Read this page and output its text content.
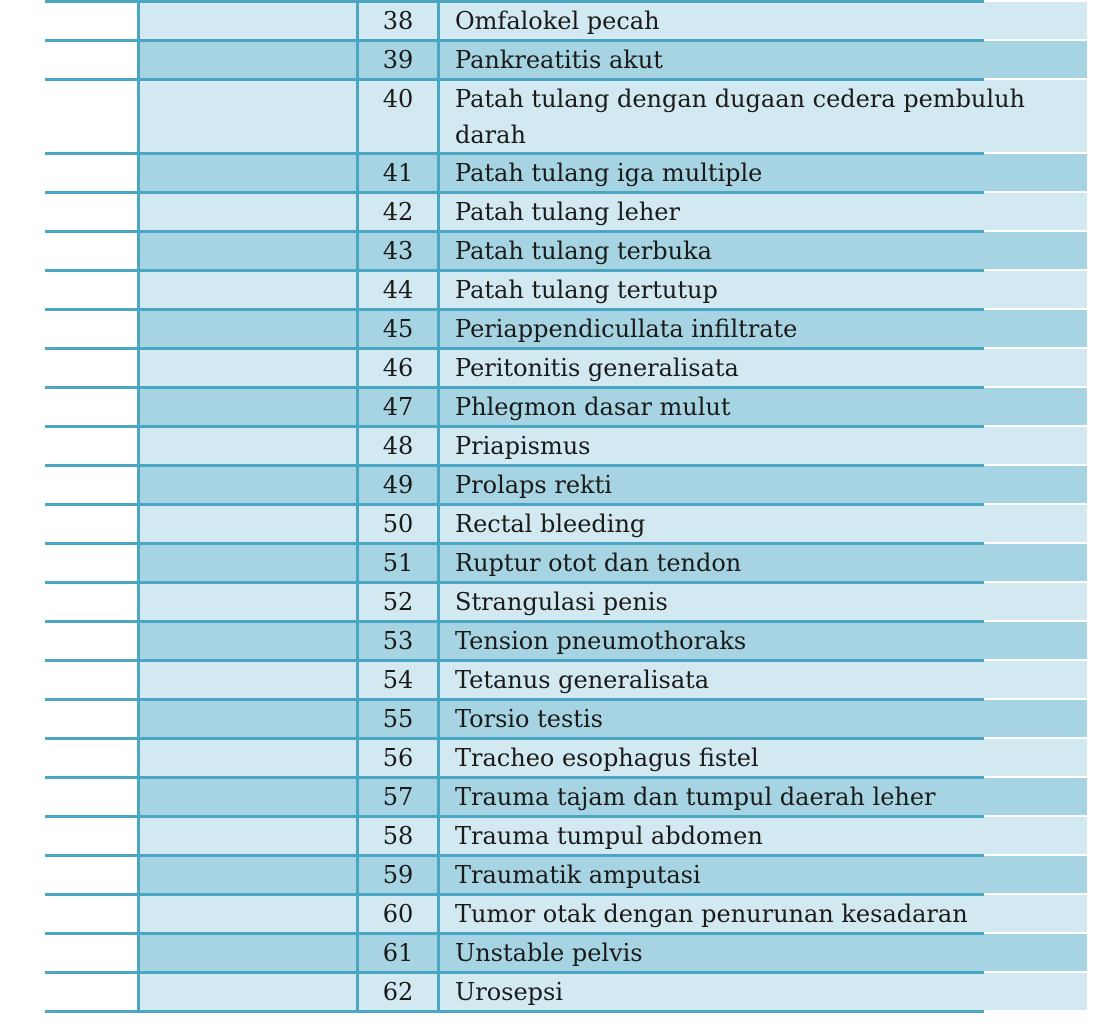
38	Omfalokel pecah
39	Pankreatitis akut
40	Patah tulang dengan dugaan cedera pembuluh darah
41	Patah tulang iga multiple
42	Patah tulang leher
43	Patah tulang terbuka
44	Patah tulang tertutup
45	Periappendicullata infiltrate
46	Peritonitis generalisata
47	Phlegmon dasar mulut
48	Priapismus
49	Prolaps rekti
50	Rectal bleeding
51	Ruptur otot dan tendon
52	Strangulasi penis
53	Tension pneumothoraks
54	Tetanus generalisata
55	Torsio testis
56	Tracheo esophagus fistel
57	Trauma tajam dan tumpul daerah leher
58	Trauma tumpul abdomen
59	Traumatik amputasi
60	Tumor otak dengan penurunan kesadaran
61	Unstable pelvis
62	Urosepsi
